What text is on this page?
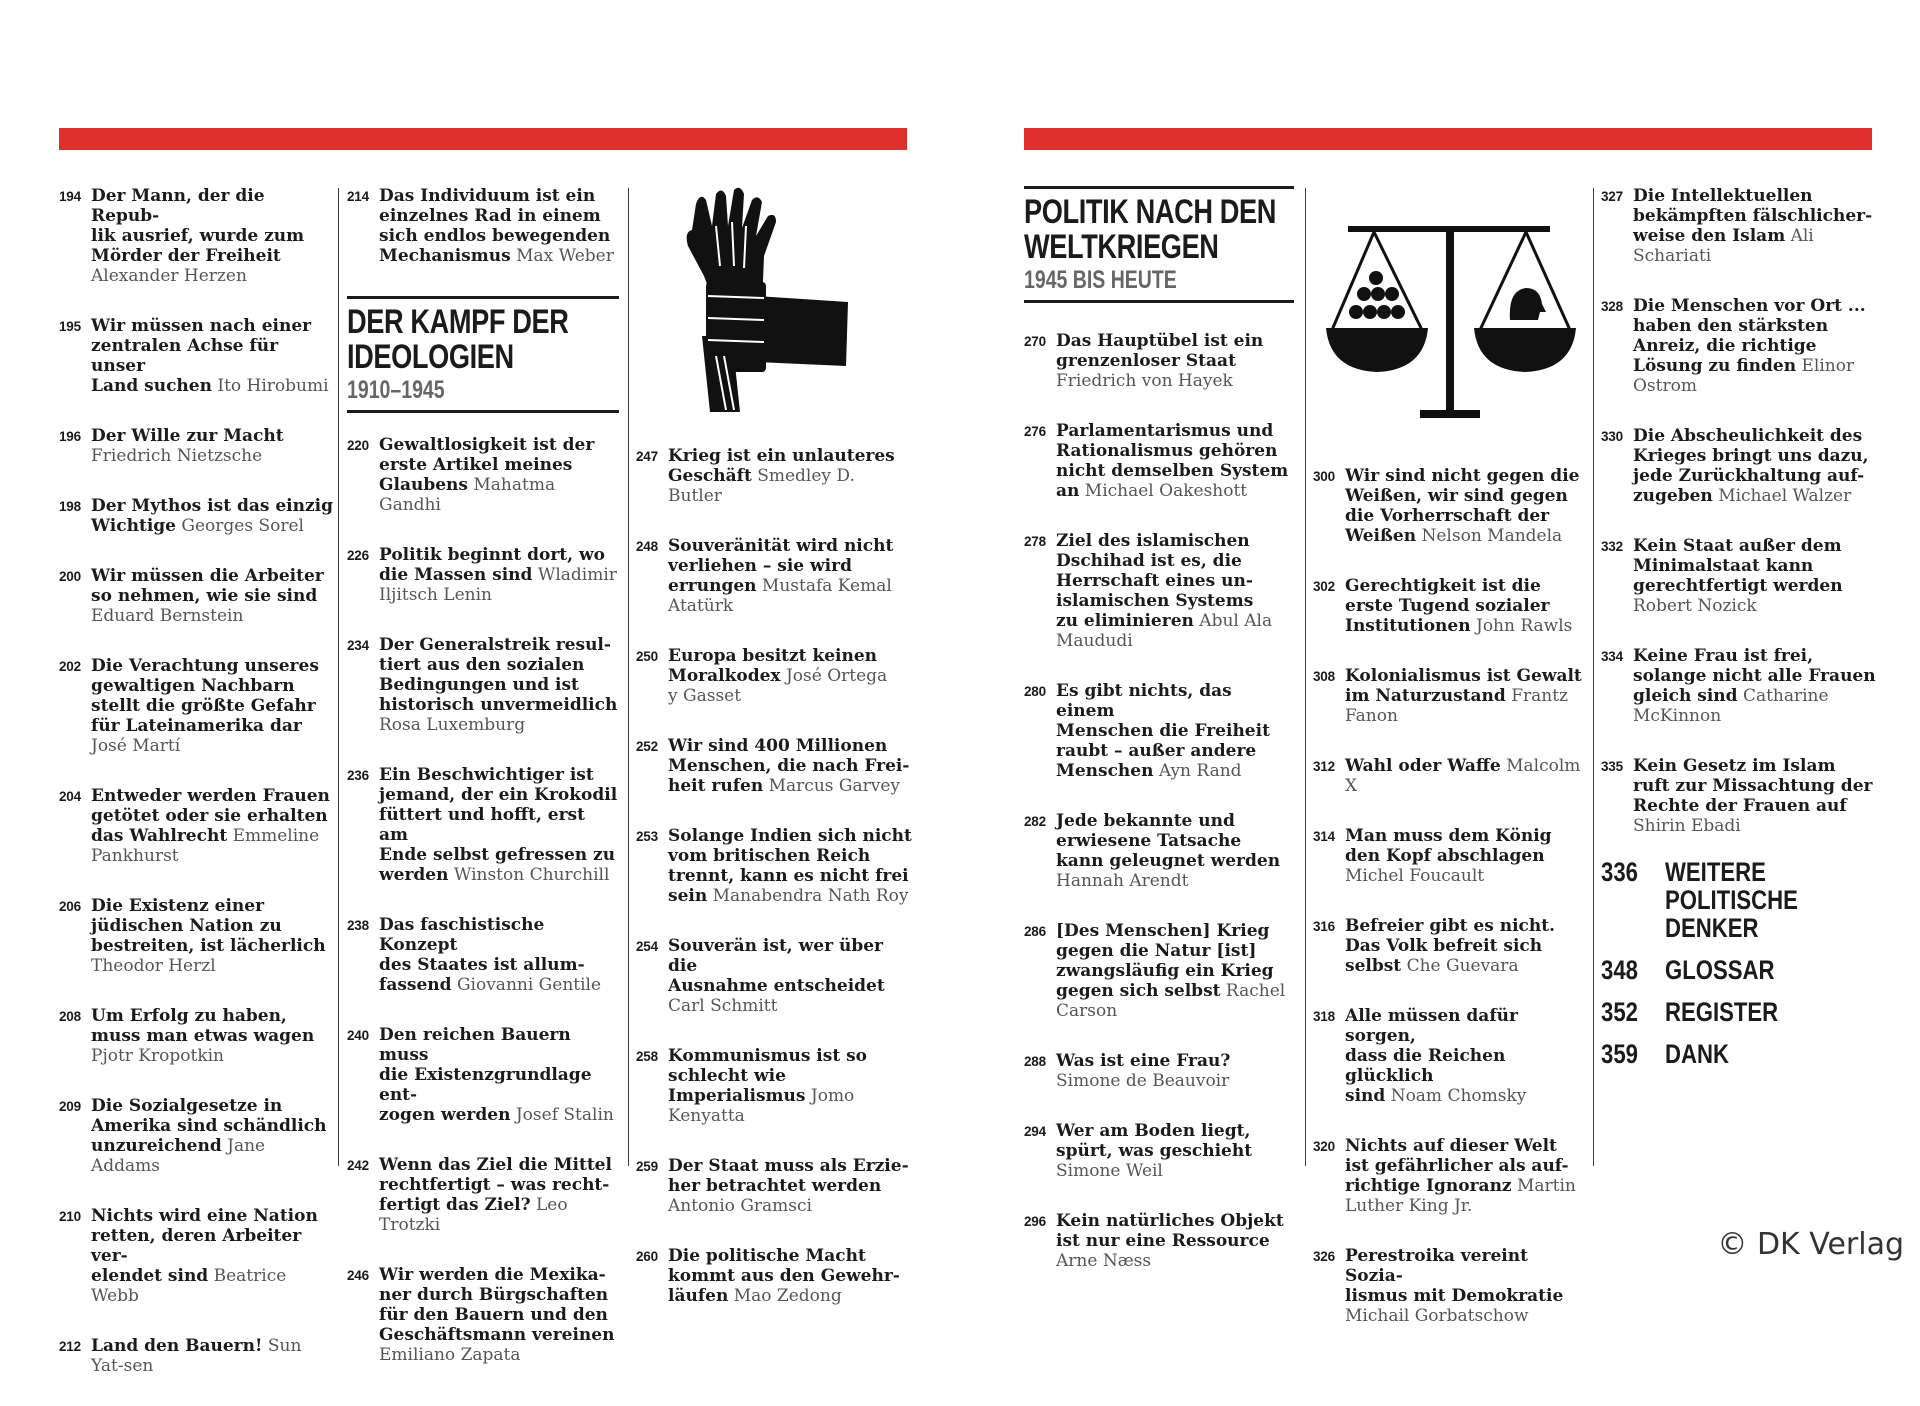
194 Der Mann, der die Repub-
lik ausrief, wurde zum
Mörder der Freiheit Alexander Herzen
195 Wir müssen nach einer
zentralen Achse für unser
Land suchen Ito Hirobumi
196 Der Wille zur Macht Friedrich Nietzsche
198 Der Mythos ist das einzig
Wichtige Georges Sorel
200 Wir müssen die Arbeiter
so nehmen, wie sie sind Eduard Bernstein
202 Die Verachtung unseres
gewaltigen Nachbarn
stellt die größte Gefahr
für Lateinamerika dar José Martí
204 Entweder werden Frauen
getötet oder sie erhalten
das Wahlrecht Emmeline Pankhurst
206 Die Existenz einer
jüdischen Nation zu
bestreiten, ist lächerlich Theodor Herzl
208 Um Erfolg zu haben,
muss man etwas wagen Pjotr Kropotkin
209 Die Sozialgesetze in
Amerika sind schändlich
unzureichend Jane Addams
210 Nichts wird eine Nation
retten, deren Arbeiter ver-
elendet sind Beatrice Webb
212 Land den Bauern! Sun Yat-sen
214 Das Individuum ist ein
einzelnes Rad in einem
sich endlos bewegenden
Mechanismus Max Weber
DER KAMPF DER
IDEOLOGIEN
1910–1945
220 Gewaltlosigkeit ist der
erste Artikel meines
Glaubens Mahatma Gandhi
226 Politik beginnt dort, wo
die Massen sind Wladimir Iljitsch Lenin
234 Der Generalstreik resul-
tiert aus den sozialen
Bedingungen und ist
historisch unvermeidlich Rosa Luxemburg
236 Ein Beschwichtiger ist
jemand, der ein Krokodil
füttert und hofft, erst am
Ende selbst gefressen zu
werden Winston Churchill
238 Das faschistische Konzept
des Staates ist allum-
fassend Giovanni Gentile
240 Den reichen Bauern muss
die Existenzgrundlage ent-
zogen werden Josef Stalin
242 Wenn das Ziel die Mittel
rechtfertigt – was recht-
fertigt das Ziel? Leo Trotzki
246 Wir werden die Mexika-
ner durch Bürgschaften
für den Bauern und den
Geschäftsmann vereinen Emiliano Zapata
247 Krieg ist ein unlauteres
Geschäft Smedley D. Butler
248 Souveränität wird nicht
verliehen – sie wird
errungen Mustafa Kemal
Atatürk
250 Europa besitzt keinen
Moralkodex José Ortega
y Gasset
252 Wir sind 400 Millionen
Menschen, die nach Frei-
heit rufen Marcus Garvey
253 Solange Indien sich nicht
vom britischen Reich
trennt, kann es nicht frei
sein Manabendra Nath Roy
254 Souverän ist, wer über die
Ausnahme entscheidet Carl Schmitt
258 Kommunismus ist so
schlecht wie Imperialismus Jomo Kenyatta
259 Der Staat muss als Erzie-
her betrachtet werden Antonio Gramsci
260 Die politische Macht
kommt aus den Gewehr-
läufen Mao Zedong
POLITIK NACH DEN
WELTKRIEGEN
1945 BIS HEUTE
270 Das Hauptübel ist ein
grenzenloser Staat Friedrich von Hayek
276 Parlamentarismus und
Rationalismus gehören
nicht demselben System
an Michael Oakeshott
278 Ziel des islamischen
Dschihad ist es, die
Herrschaft eines un-
islamischen Systems
zu eliminieren Abul Ala
Maududi
280 Es gibt nichts, das einem
Menschen die Freiheit
raubt – außer andere
Menschen Ayn Rand
282 Jede bekannte und
erwiesene Tatsache
kann geleugnet werden Hannah Arendt
286 [Des Menschen] Krieg
gegen die Natur [ist]
zwangsläufig ein Krieg
gegen sich selbst Rachel Carson
288 Was ist eine Frau? Simone de Beauvoir
294 Wer am Boden liegt,
spürt, was geschieht Simone Weil
296 Kein natürliches Objekt
ist nur eine Ressource Arne Næss
300 Wir sind nicht gegen die
Weißen, wir sind gegen
die Vorherrschaft der
Weißen Nelson Mandela
302 Gerechtigkeit ist die
erste Tugend sozialer
Institutionen John Rawls
308 Kolonialismus ist Gewalt
im Naturzustand Frantz Fanon
312 Wahl oder Waffe Malcolm X
314 Man muss dem König
den Kopf abschlagen Michel Foucault
316 Befreier gibt es nicht.
Das Volk befreit sich
selbst Che Guevara
318 Alle müssen dafür sorgen,
dass die Reichen glücklich
sind Noam Chomsky
320 Nichts auf dieser Welt
ist gefährlicher als auf-
richtige Ignoranz Martin Luther King Jr.
326 Perestroika vereint Sozia-
lismus mit Demokratie Michail Gorbatschow
327 Die Intellektuellen
bekämpften fälschlicher-
weise den Islam Ali Schariati
328 Die Menschen vor Ort ...
haben den stärksten
Anreiz, die richtige
Lösung zu finden Elinor Ostrom
330 Die Abscheulichkeit des
Krieges bringt uns dazu,
jede Zurückhaltung auf-
zugeben Michael Walzer
332 Kein Staat außer dem
Minimalstaat kann
gerechtfertigt werden Robert Nozick
334 Keine Frau ist frei,
solange nicht alle Frauen
gleich sind Catharine McKinnon
335 Kein Gesetz im Islam
ruft zur Missachtung der
Rechte der Frauen auf Shirin Ebadi
336	WEITERE POLITISCHE
DENKER
348	GLOSSAR
352	REGISTER
359	DANK
© DK Verlag
